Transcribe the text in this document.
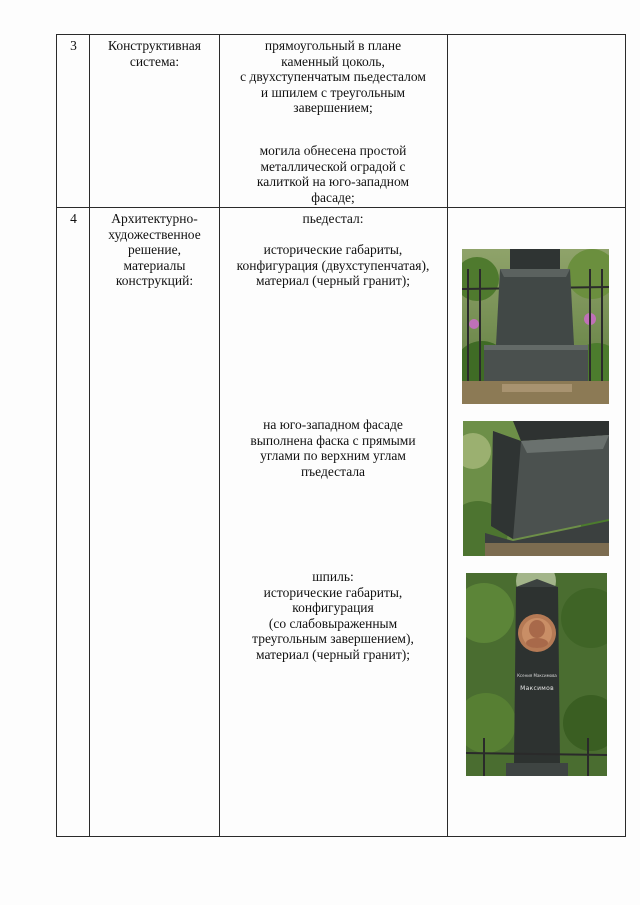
3	Конструктивная
система:

прямоугольный в плане
каменный цоколь,
с двухступенчатым пьедесталом
и шпилем с треугольным
завершением;

могила обнесена простой
металлической оградой с
калиткой на юго-западном
фасаде;

4	Архитектурно-
художественное
решение,
материалы
конструкций:

пьедестал:

исторические габариты,
конфигурация (двухступенчатая),
материал (черный гранит);

на юго-западном фасаде
выполнена фаска с прямыми
углами по верхним углам
пъедестала

шпиль:
исторические габариты,
конфигурация
(со слабовыраженным
треугольным завершением),
материал (черный гранит);

Ксения Максимова
Максимов
